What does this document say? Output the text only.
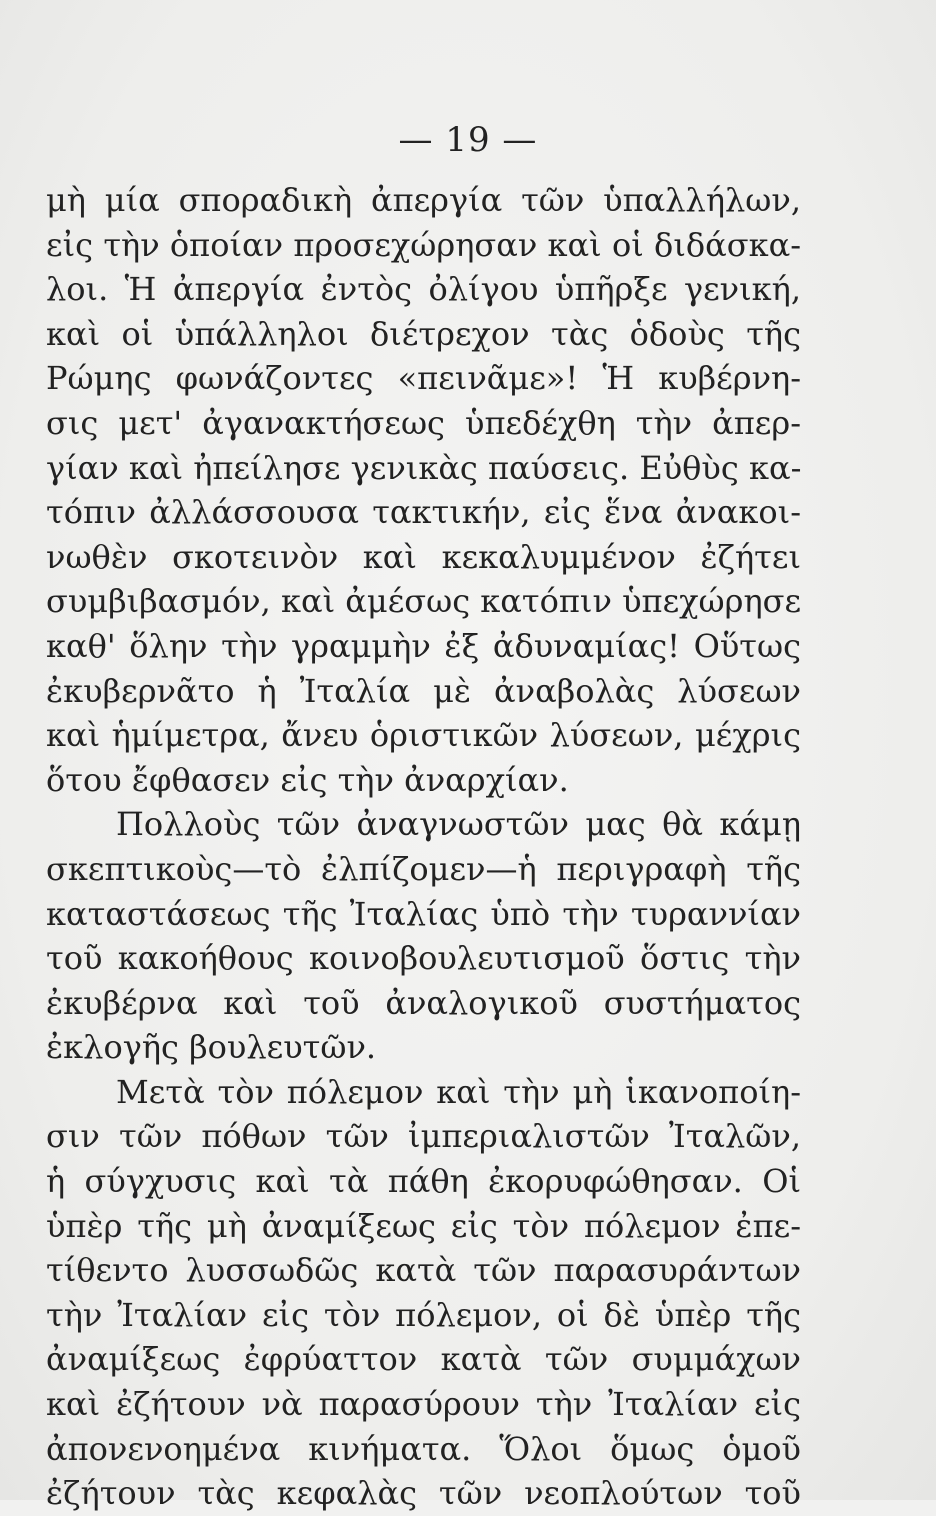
— 19 —
μὴ μία σποραδικὴ ἀπεργία τῶν ὑπαλλήλων,
εἰς τὴν ὁποίαν προσεχώρησαν καὶ οἱ διδάσκα-
λοι. Ἡ ἀπεργία ἐντὸς ὀλίγου ὑπῆρξε γενική,
καὶ οἱ ὑπάλληλοι διέτρεχον τὰς ὁδοὺς τῆς
Ρώμης φωνάζοντες «πεινᾶμε»! Ἡ κυβέρνη-
σις μετ' ἀγανακτήσεως ὑπεδέχθη τὴν ἀπερ-
γίαν καὶ ἠπείλησε γενικὰς παύσεις. Εὐθὺς κα-
τόπιν ἀλλάσσουσα τακτικήν, εἰς ἕνα ἀνακοι-
νωθὲν σκοτεινὸν καὶ κεκαλυμμένον ἐζήτει
συμβιβασμόν, καὶ ἀμέσως κατόπιν ὑπεχώρησε
καθ' ὅλην τὴν γραμμὴν ἐξ ἀδυναμίας! Οὕτως
ἐκυβερνᾶτο ἡ Ἰταλία μὲ ἀναβολὰς λύσεων
καὶ ἡμίμετρα, ἄνευ ὁριστικῶν λύσεων, μέχρις
ὅτου ἔφθασεν εἰς τὴν ἀναρχίαν.
Πολλοὺς τῶν ἀναγνωστῶν μας θὰ κάμῃ
σκεπτικοὺς—τὸ ἐλπίζομεν—ἡ περιγραφὴ τῆς
καταστάσεως τῆς Ἰταλίας ὑπὸ τὴν τυραννίαν
τοῦ κακοήθους κοινοβουλευτισμοῦ ὅστις τὴν
ἐκυβέρνα καὶ τοῦ ἀναλογικοῦ συστήματος
ἐκλογῆς βουλευτῶν.
Μετὰ τὸν πόλεμον καὶ τὴν μὴ ἱκανοποίη-
σιν τῶν πόθων τῶν ἰμπεριαλιστῶν Ἰταλῶν,
ἡ σύγχυσις καὶ τὰ πάθη ἐκορυφώθησαν. Οἱ
ὑπὲρ τῆς μὴ ἀναμίξεως εἰς τὸν πόλεμον ἐπε-
τίθεντο λυσσωδῶς κατὰ τῶν παρασυράντων
τὴν Ἰταλίαν εἰς τὸν πόλεμον, οἱ δὲ ὑπὲρ τῆς
ἀναμίξεως ἐφρύαττον κατὰ τῶν συμμάχων
καὶ ἐζήτουν νὰ παρασύρουν τὴν Ἰταλίαν εἰς
ἀπονενοημένα κινήματα. Ὅλοι ὅμως ὁμοῦ
ἐζήτουν τὰς κεφαλὰς τῶν νεοπλούτων τοῦ
